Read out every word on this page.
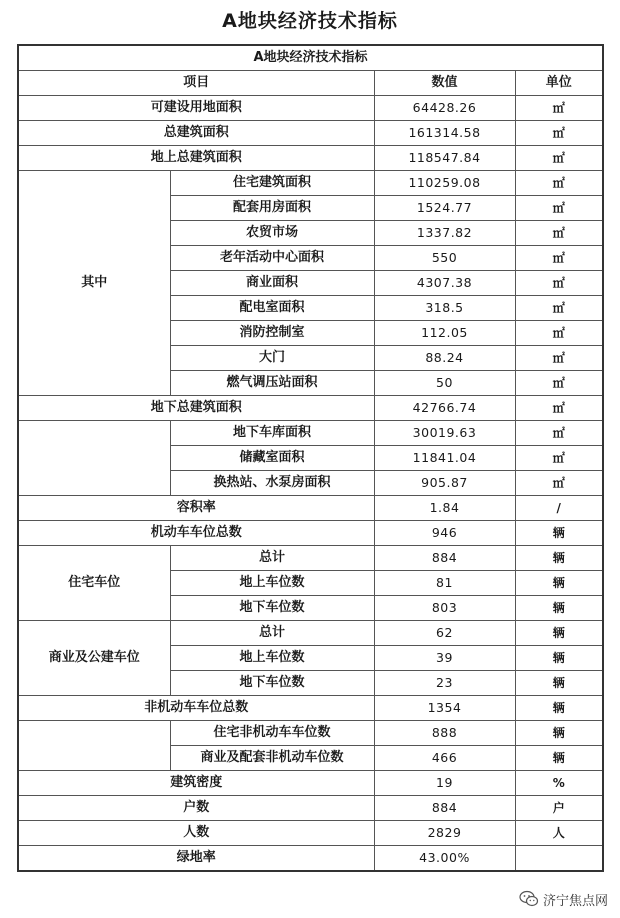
A地块经济技术指标
A地块经济技术指标			
项目		数值	单位
可建设用地面积		64428.26	㎡
总建筑面积		161314.58	㎡
地上总建筑面积		118547.84	㎡
其中	住宅建筑面积	110259.08	㎡
	配套用房面积	1524.77	㎡
	农贸市场	1337.82	㎡
	老年活动中心面积	550	㎡
	商业面积	4307.38	㎡
	配电室面积	318.5	㎡
	消防控制室	112.05	㎡
	大门	88.24	㎡
	燃气调压站面积	50	㎡
地下总建筑面积		42766.74	㎡
	地下车库面积	30019.63	㎡
	储藏室面积	11841.04	㎡
	换热站、水泵房面积	905.87	㎡
容积率		1.84	/
机动车车位总数		946	辆
住宅车位	总计	884	辆
	地上车位数	81	辆
	地下车位数	803	辆
商业及公建车位	总计	62	辆
	地上车位数	39	辆
	地下车位数	23	辆
非机动车车位总数		1354	辆
	住宅非机动车车位数	888	辆
	商业及配套非机动车位数	466	辆
建筑密度		19	%
户数		884	户
人数		2829	人
绿地率		43.00%	
济宁焦点网
